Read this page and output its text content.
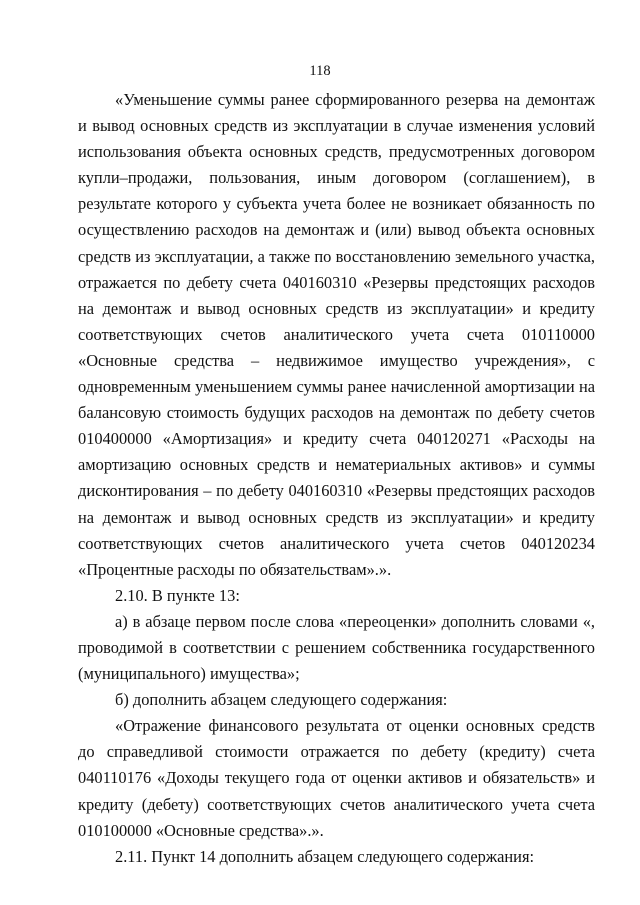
118

«Уменьшение суммы ранее сформированного резерва на демонтаж и вывод основных средств из эксплуатации в случае изменения условий использования объекта основных средств, предусмотренных договором купли–продажи, пользования, иным договором (соглашением), в результате которого у субъекта учета более не возникает обязанность по осуществлению расходов на демонтаж и (или) вывод объекта основных средств из эксплуатации, а также по восстановлению земельного участка, отражается по дебету счета 040160310 «Резервы предстоящих расходов на демонтаж и вывод основных средств из эксплуатации» и кредиту соответствующих счетов аналитического учета счета 010110000 «Основные средства – недвижимое имущество учреждения», с одновременным уменьшением суммы ранее начисленной амортизации на балансовую стоимость будущих расходов на демонтаж по дебету счетов 010400000 «Амортизация» и кредиту счета 040120271 «Расходы на амортизацию основных средств и нематериальных активов» и суммы дисконтирования – по дебету 040160310 «Резервы предстоящих расходов на демонтаж и вывод основных средств из эксплуатации» и кредиту соответствующих счетов аналитического учета счетов 040120234 «Процентные расходы по обязательствам».».

2.10. В пункте 13:

а) в абзаце первом после слова «переоценки» дополнить словами «, проводимой в соответствии с решением собственника государственного (муниципального) имущества»;

б) дополнить абзацем следующего содержания:

«Отражение финансового результата от оценки основных средств до справедливой стоимости отражается по дебету (кредиту) счета 040110176 «Доходы текущего года от оценки активов и обязательств» и кредиту (дебету) соответствующих счетов аналитического учета счета 010100000 «Основные средства».».

2.11. Пункт 14 дополнить абзацем следующего содержания:
